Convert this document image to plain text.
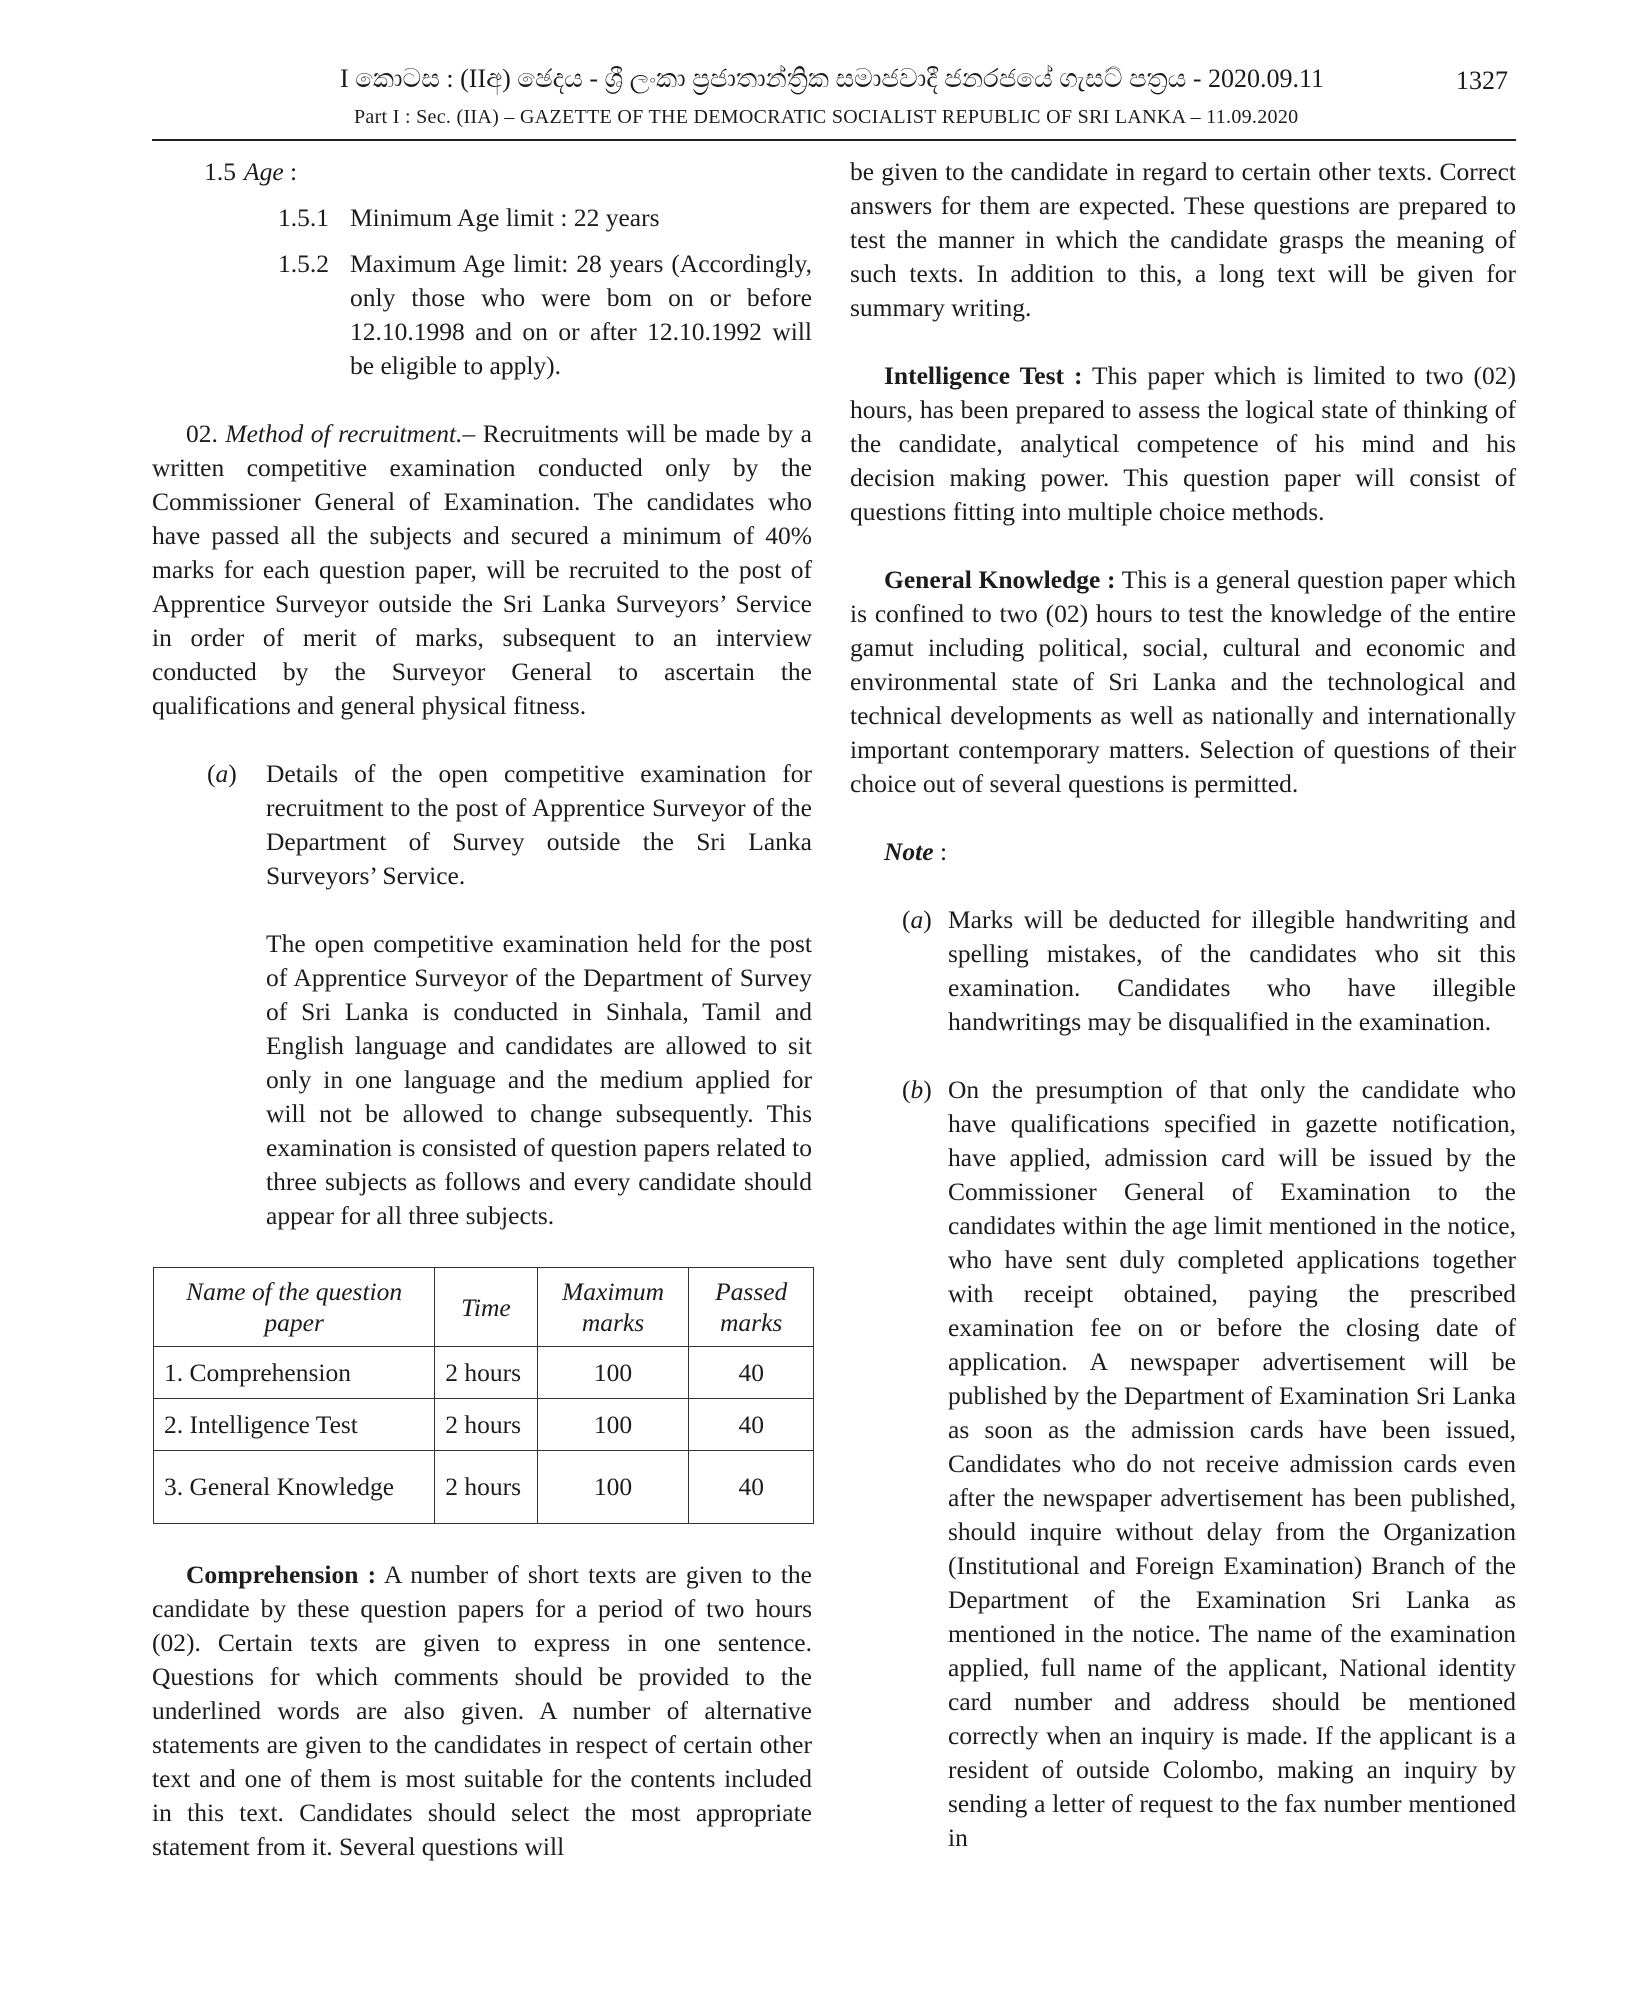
I කොටස : (IIඅ) ඡෙදය - ශ්‍රී ලංකා ප්‍රජාතාන්ත්‍රික සමාජවාදී ජනරජයේ ගැසට් පත්‍රය - 2020.09.11	1327
Part I : Sec. (IIA) – GAZETTE OF THE DEMOCRATIC SOCIALIST REPUBLIC OF SRI LANKA – 11.09.2020
1.5 Age :
1.5.1 Minimum Age limit : 22 years
1.5.2 Maximum Age limit: 28 years (Accordingly, only those who were bom on or before 12.10.1998 and on or after 12.10.1992 will be eligible to apply).

02. Method of recruitment.– Recruitments will be made by a written competitive examination conducted only by the Commissioner General of Examination. The candidates who have passed all the subjects and secured a minimum of 40% marks for each question paper, will be recruited to the post of Apprentice Surveyor outside the Sri Lanka Surveyors’ Service in order of merit of marks, subsequent to an interview conducted by the Surveyor General to ascertain the qualifications and general physical fitness.

(a)	Details of the open competitive examination for recruitment to the post of Apprentice Surveyor of the Department of Survey outside the Sri Lanka Surveyors’ Service.

The open competitive examination held for the post of Apprentice Surveyor of the Department of Survey of Sri Lanka is conducted in Sinhala, Tamil and English language and candidates are allowed to sit only in one language and the medium applied for will not be allowed to change subsequently. This examination is consisted of question papers related to three subjects as follows and every candidate should appear for all three subjects.

Name of the question paper	Time	Maximum marks	Passed marks
1. Comprehension	2 hours	100	40
2. Intelligence Test	2 hours	100	40
3. General Knowledge	2 hours	100	40

Comprehension : A number of short texts are given to the candidate by these question papers for a period of two hours (02). Certain texts are given to express in one sentence. Questions for which comments should be provided to the underlined words are also given. A number of alternative statements are given to the candidates in respect of certain other text and one of them is most suitable for the contents included in this text. Candidates should select the most appropriate statement from it. Several questions will

be given to the candidate in regard to certain other texts. Correct answers for them are expected. These questions are prepared to test the manner in which the candidate grasps the meaning of such texts. In addition to this, a long text will be given for summary writing.

Intelligence Test : This paper which is limited to two (02) hours, has been prepared to assess the logical state of thinking of the candidate, analytical competence of his mind and his decision making power. This question paper will consist of questions fitting into multiple choice methods.

General Knowledge : This is a general question paper which is confined to two (02) hours to test the knowledge of the entire gamut including political, social, cultural and economic and environmental state of Sri Lanka and the technological and technical developments as well as nationally and internationally important contemporary matters. Selection of questions of their choice out of several questions is permitted.

Note :

(a) Marks will be deducted for illegible handwriting and spelling mistakes, of the candidates who sit this examination. Candidates who have illegible handwritings may be disqualified in the examination.
(b) On the presumption of that only the candidate who have qualifications specified in gazette notification, have applied, admission card will be issued by the Commissioner General of Examination to the candidates within the age limit mentioned in the notice, who have sent duly completed applications together with receipt obtained, paying the prescribed examination fee on or before the closing date of application. A newspaper advertisement will be published by the Department of Examination Sri Lanka as soon as the admission cards have been issued, Candidates who do not receive admission cards even after the newspaper advertisement has been published, should inquire without delay from the Organization (Institutional and Foreign Examination) Branch of the Department of the Examination Sri Lanka as mentioned in the notice. The name of the examination applied, full name of the applicant, National identity card number and address should be mentioned correctly when an inquiry is made. If the applicant is a resident of outside Colombo, making an inquiry by sending a letter of request to the fax number mentioned in
